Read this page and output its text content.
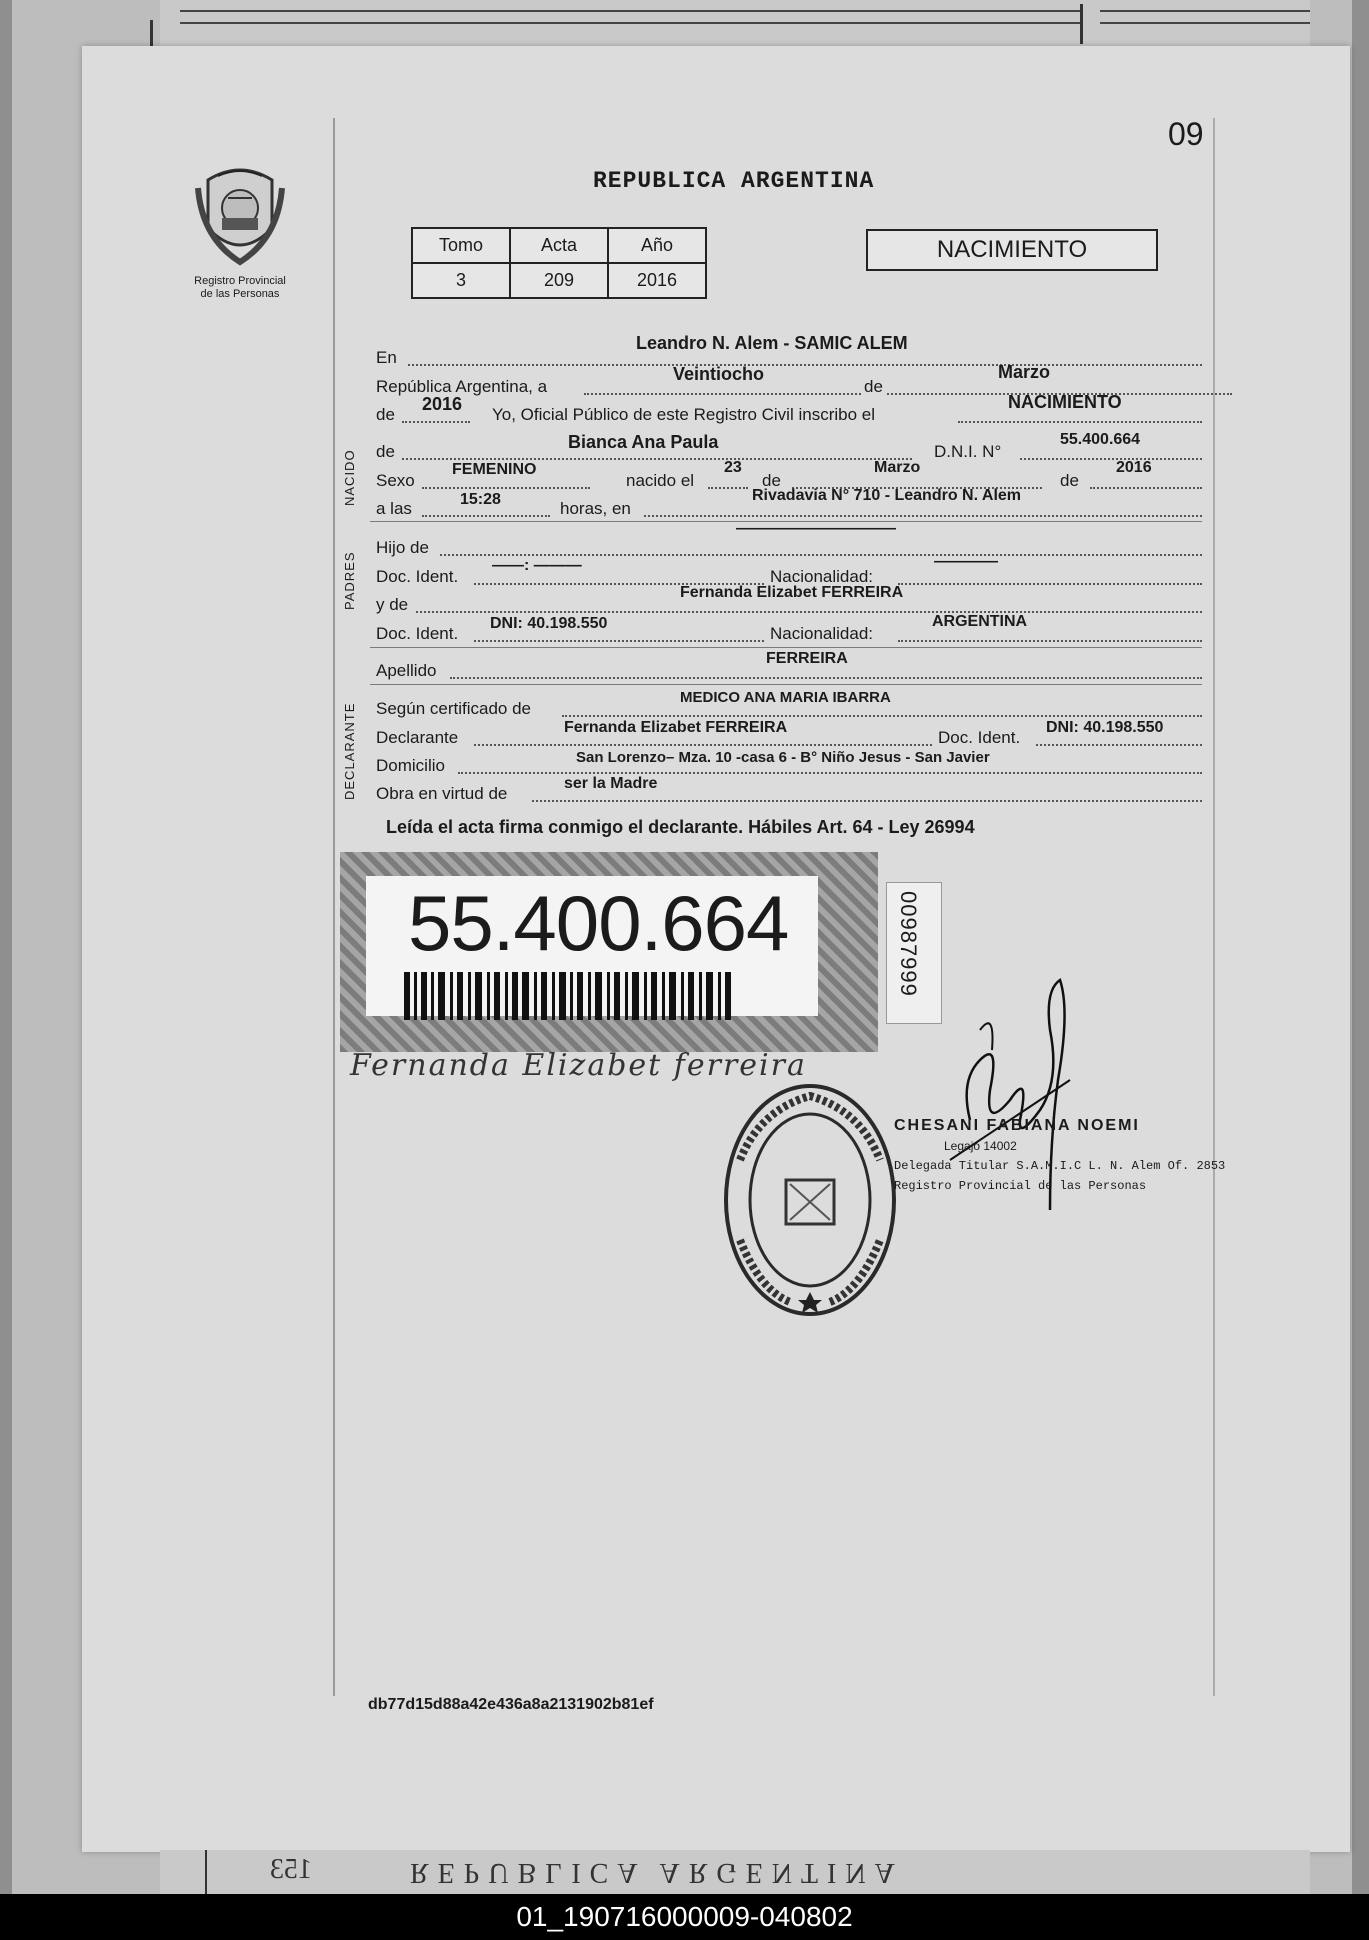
09
Registro Provincial
de las Personas
REPUBLICA ARGENTINA
Tomo	Acta	Año
3	209	2016
NACIMIENTO
En
Leandro N. Alem - SAMIC ALEM
República Argentina, a	de
Veintiocho	Marzo
de	Yo, Oficial Público de este Registro Civil inscribo el
2016	NACIMIENTO
NACIDO de	D.N.I. N°
Bianca Ana Paula	55.400.664
Sexo	nacido el	de	de
FEMENINO	23	Marzo	2016
a las	horas, en
15:28	Rivadavia N° 710 - Leandro N. Alem
PADRES
Hijo de
——————————
Doc. Ident.	Nacionalidad:
——: ———	————
y de
Fernanda Elizabet FERREIRA
Doc. Ident.	Nacionalidad:
DNI: 40.198.550	ARGENTINA
Apellido
FERREIRA
DECLARANTE Según certificado de
MEDICO ANA MARIA IBARRA
Declarante	Doc. Ident.
Fernanda Elizabet FERREIRA	DNI: 40.198.550
Domicilio	San Lorenzo– Mza. 10 -casa 6 - B° Niño Jesus - San Javier
Obra en virtud de
ser la Madre
Leída el acta firma conmigo el declarante. Hábiles Art. 64 - Ley 26994
55.400.664	00987999
Fernanda Elizabet ferreira
CHESANI FABIANA NOEMI
Legajo 14002
Delegada Titular S.A.M.I.C L. N. Alem Of. 2853
Registro Provincial de las Personas
db77d15d88a42e436a8a2131902b81ef
153	REPUBLICA ARGENTINA
01_190716000009-040802
